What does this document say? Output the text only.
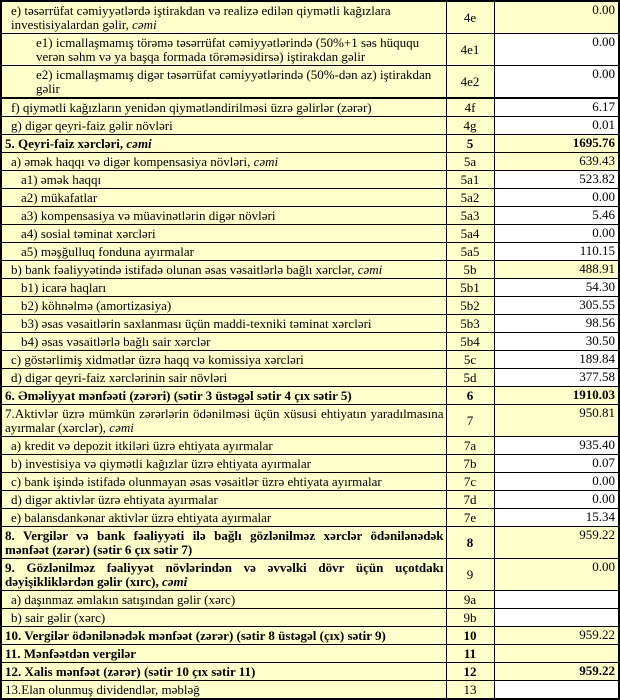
e) təsərrüfat cəmiyyətlərdə iştirakdan və realizə edilən qiymətli kağızlara investisiyalardan gəlir, cəmi	4e	0.00
e1) icmallaşmamış törəmə təsərrüfat cəmiyyətlərində (50%+1 səs hüququ verən səhm və ya başqa formada törəməsidirsə) iştirakdan gəlir	4e1	0.00
e2) icmallaşmamış digər təsərrüfat cəmiyyətlərində (50%-dən az) iştirakdan gəlir	4e2	0.00
f) qiymətli kağızların yenidən qiymətləndirilməsi üzrə gəlirlər (zərər)	4f	6.17
g) digər qeyri-faiz gəlir növləri	4g	0.01
5. Qeyri-faiz xərcləri, cəmi	5	1695.76
a) əmək haqqı və digər kompensasiya növləri, cəmi	5a	639.43
a1) əmək haqqı	5a1	523.82
a2) mükafatlar	5a2	0.00
a3) kompensasiya və müavinətlərin digər növləri	5a3	5.46
a4) sosial təminat xərcləri	5a4	0.00
a5) məşğulluq fonduna ayırmalar	5a5	110.15
b) bank fəaliyyətində istifadə olunan əsas vəsaitlərlə bağlı xərclər, cəmi	5b	488.91
b1) icarə haqları	5b1	54.30
b2) köhnəlmə (amortizasiya)	5b2	305.55
b3) əsas vəsaitlərin saxlanması üçün maddi-texniki təminat xərcləri	5b3	98.56
b4) əsas vəsaitlərlə bağlı sair xərclər	5b4	30.50
c) göstərlimiş xidmətlər üzrə haqq və komissiya xərcləri	5c	189.84
d) digər qeyri-faiz xərclərinin sair növləri	5d	377.58
6. Əməliyyat mənfəəti (zərəri) (sətir 3 üstəgəl sətir 4 çıx sətir 5)	6	1910.03
7.Aktivlər üzrə mümkün zərərlərin ödənilməsi üçün xüsusi ehtiyatın yaradılmasına ayırmalar (xərclər), cəmi	7	950.81
a) kredit və depozit itkiləri üzrə ehtiyata ayırmalar	7a	935.40
b) investisiya və qiymətli kağızlar üzrə ehtiyata ayırmalar	7b	0.07
c) bank işində istifadə olunmayan əsas vəsaitlər üzrə ehtiyata ayırmalar	7c	0.00
d) digər aktivlər üzrə ehtiyata ayırmalar	7d	0.00
e) balansdankənar aktivlər üzrə ehtiyata ayırmalar	7e	15.34
8. Vergilər və bank fəaliyyəti ilə bağlı gözlənilməz xərclər ödənilənədək mənfəət (zərər) (sətir 6 çıx sətir 7)	8	959.22
9. Gözlənilməz fəaliyyət növlərindən və əvvəlki dövr üçün uçotdakı dəyişikliklərdən gəlir (xırc), cəmi	9	0.00
a) daşınmaz əmlakın satışından gəlir (xərc)	9a	
b) sair gəlir (xərc)	9b	
10. Vergilər ödənilənədək mənfəət (zərər) (sətir 8 üstəgəl (çıx) sətir 9)	10	959.22
11. Mənfəətdən vergilər	11	
12. Xalis mənfəət (zərər) (sətir 10 çıx sətir 11)	12	959.22
13.Elan olunmuş dividendlər, məbləğ	13	
